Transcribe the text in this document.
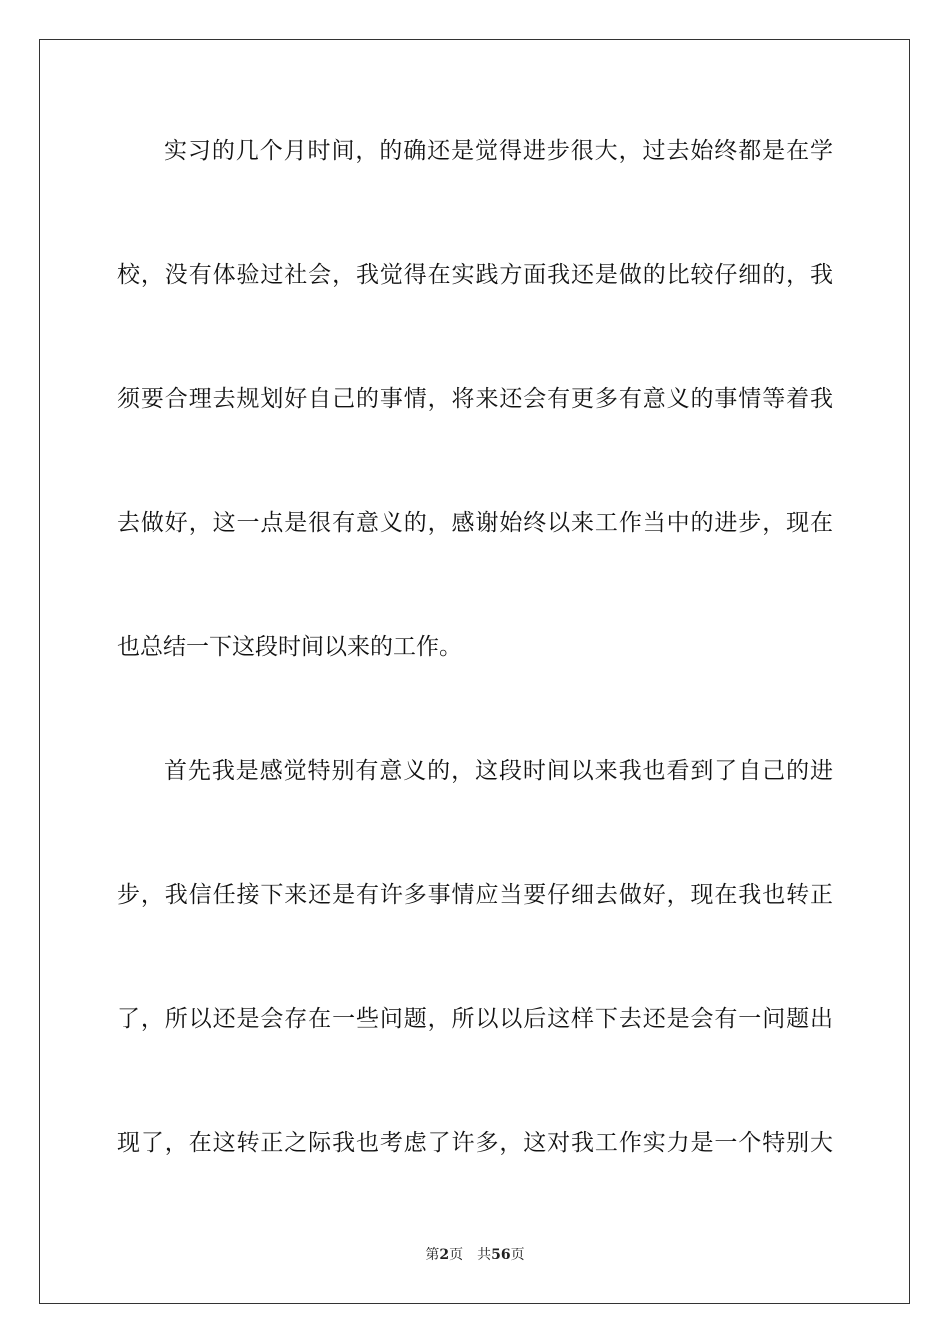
实习的几个月时间，的确还是觉得进步很大，过去始终都是在学
校，没有体验过社会，我觉得在实践方面我还是做的比较仔细的，我
须要合理去规划好自己的事情，将来还会有更多有意义的事情等着我
去做好，这一点是很有意义的，感谢始终以来工作当中的进步，现在
也总结一下这段时间以来的工作。
首先我是感觉特别有意义的，这段时间以来我也看到了自己的进
步，我信任接下来还是有许多事情应当要仔细去做好，现在我也转正
了，所以还是会存在一些问题，所以以后这样下去还是会有一问题出
现了，在这转正之际我也考虑了许多，这对我工作实力是一个特别大
第2页 共56页
